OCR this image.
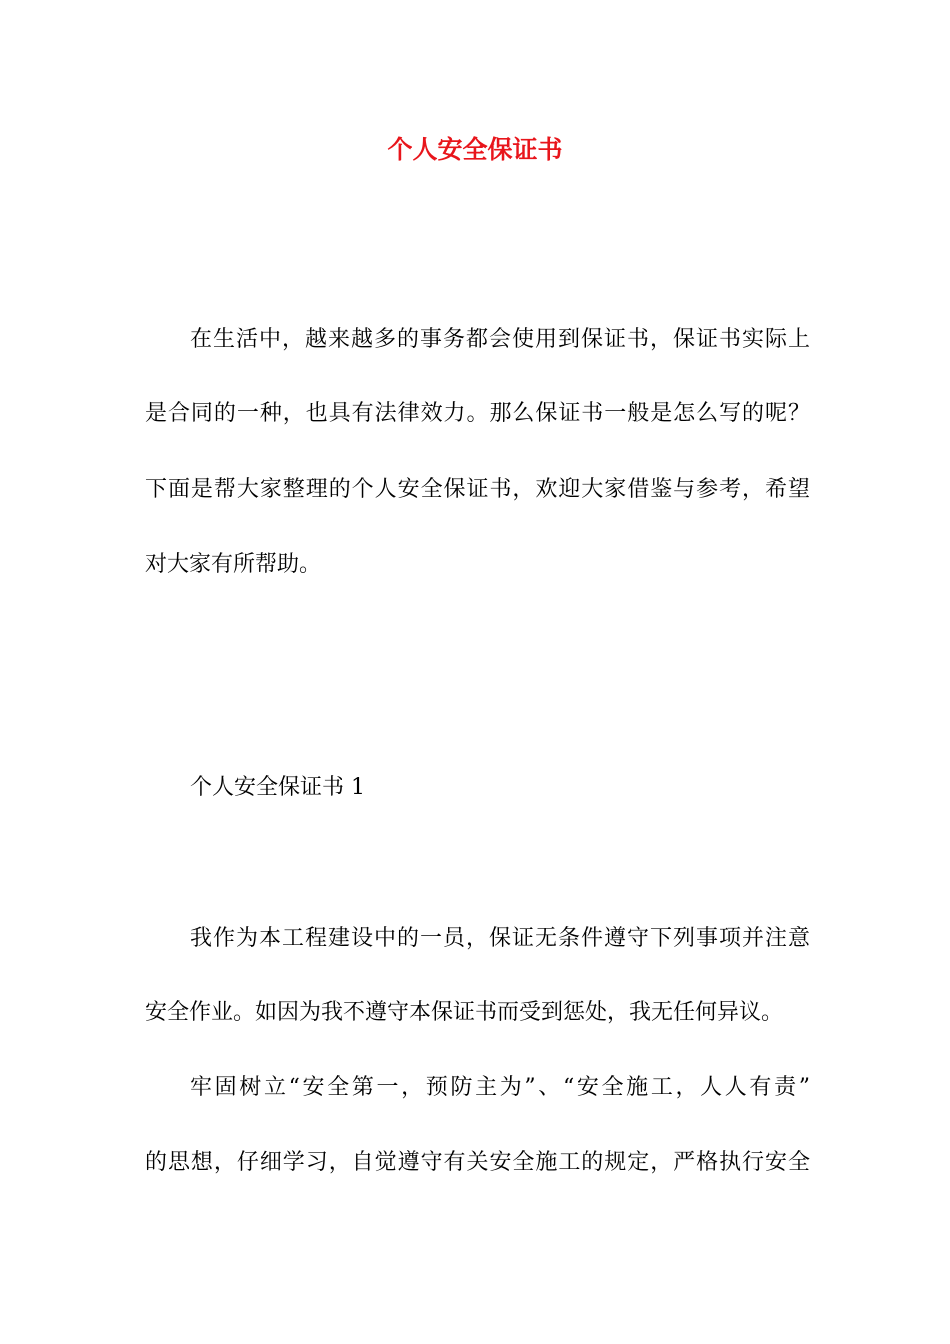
个人安全保证书

在生活中，越来越多的事务都会使用到保证书，保证书实际上

是合同的一种，也具有法律效力。那么保证书一般是怎么写的呢？

下面是帮大家整理的个人安全保证书，欢迎大家借鉴与参考，希望

对大家有所帮助。

个人安全保证书 1

我作为本工程建设中的一员，保证无条件遵守下列事项并注意

安全作业。如因为我不遵守本保证书而受到惩处，我无任何异议。

牢固树立“安全第一，预防主为”、“安全施工，人人有责”

的思想，仔细学习，自觉遵守有关安全施工的规定，严格执行安全
